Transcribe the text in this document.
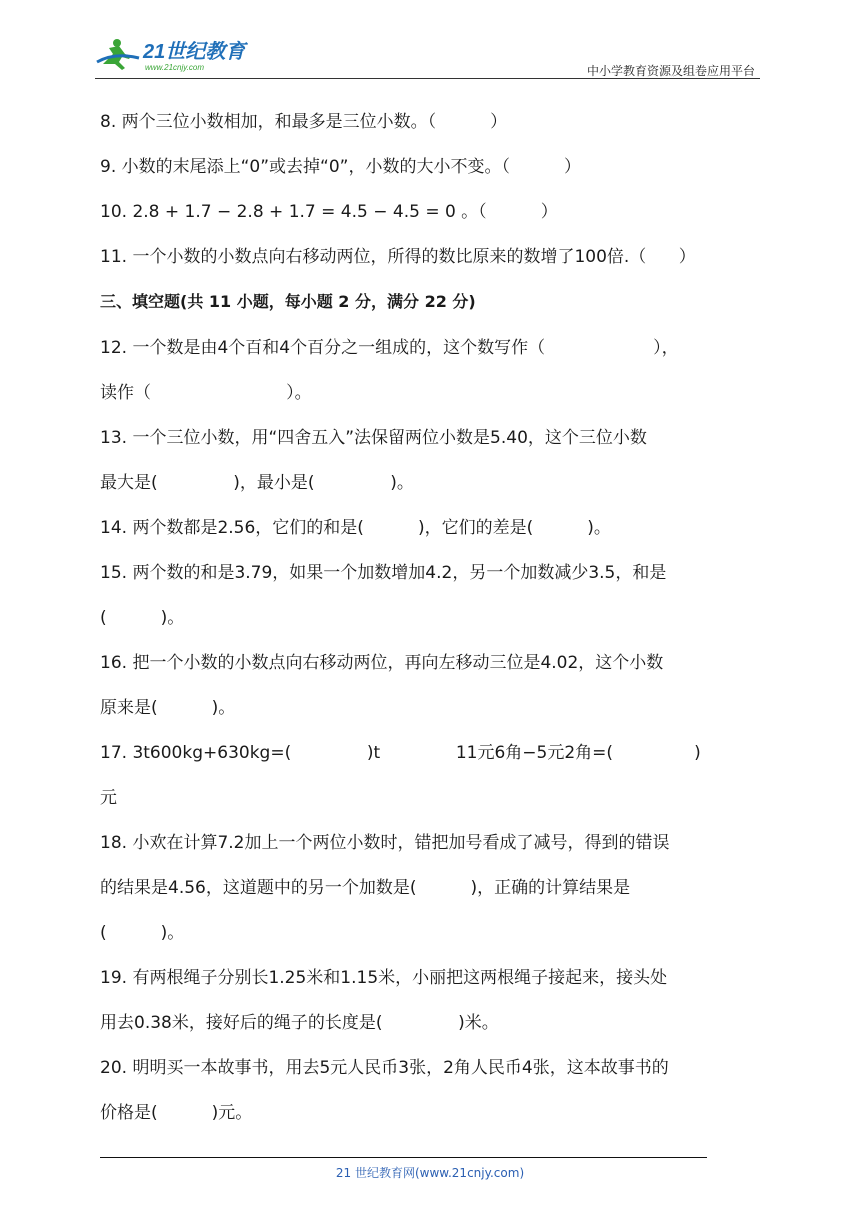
21世纪教育
www.21cnjy.com	中小学教育资源及组卷应用平台
8. 两个三位小数相加，和最多是三位小数。（          ）
9. 小数的末尾添上“0”或去掉“0”，小数的大小不变。（          ）
10. 2.8 + 1.7 − 2.8 + 1.7 = 4.5 − 4.5 = 0 。（          ）
11. 一个小数的小数点向右移动两位，所得的数比原来的数增了100倍.（      ）
三、填空题(共 11 小题，每小题 2 分，满分 22 分)
12. 一个数是由4个百和4个百分之一组成的，这个数写作（                    ），
读作（                         ）。
13. 一个三位小数，用“四舍五入”法保留两位小数是5.40，这个三位小数
最大是(              )，最小是(              )。
14. 两个数都是2.56，它们的和是(          )，它们的差是(          )。
15. 两个数的和是3.79，如果一个加数增加4.2，另一个加数减少3.5，和是
(          )。
16. 把一个小数的小数点向右移动两位，再向左移动三位是4.02，这个小数
原来是(          )。
17. 3t600kg+630kg=(              )t              11元6角−5元2角=(               )
元
18. 小欢在计算7.2加上一个两位小数时，错把加号看成了减号，得到的错误
的结果是4.56，这道题中的另一个加数是(          )，正确的计算结果是
(          )。
19. 有两根绳子分别长1.25米和1.15米，小丽把这两根绳子接起来，接头处
用去0.38米，接好后的绳子的长度是(              )米。
20. 明明买一本故事书，用去5元人民币3张，2角人民币4张，这本故事书的
价格是(          )元。
21 世纪教育网(www.21cnjy.com)
